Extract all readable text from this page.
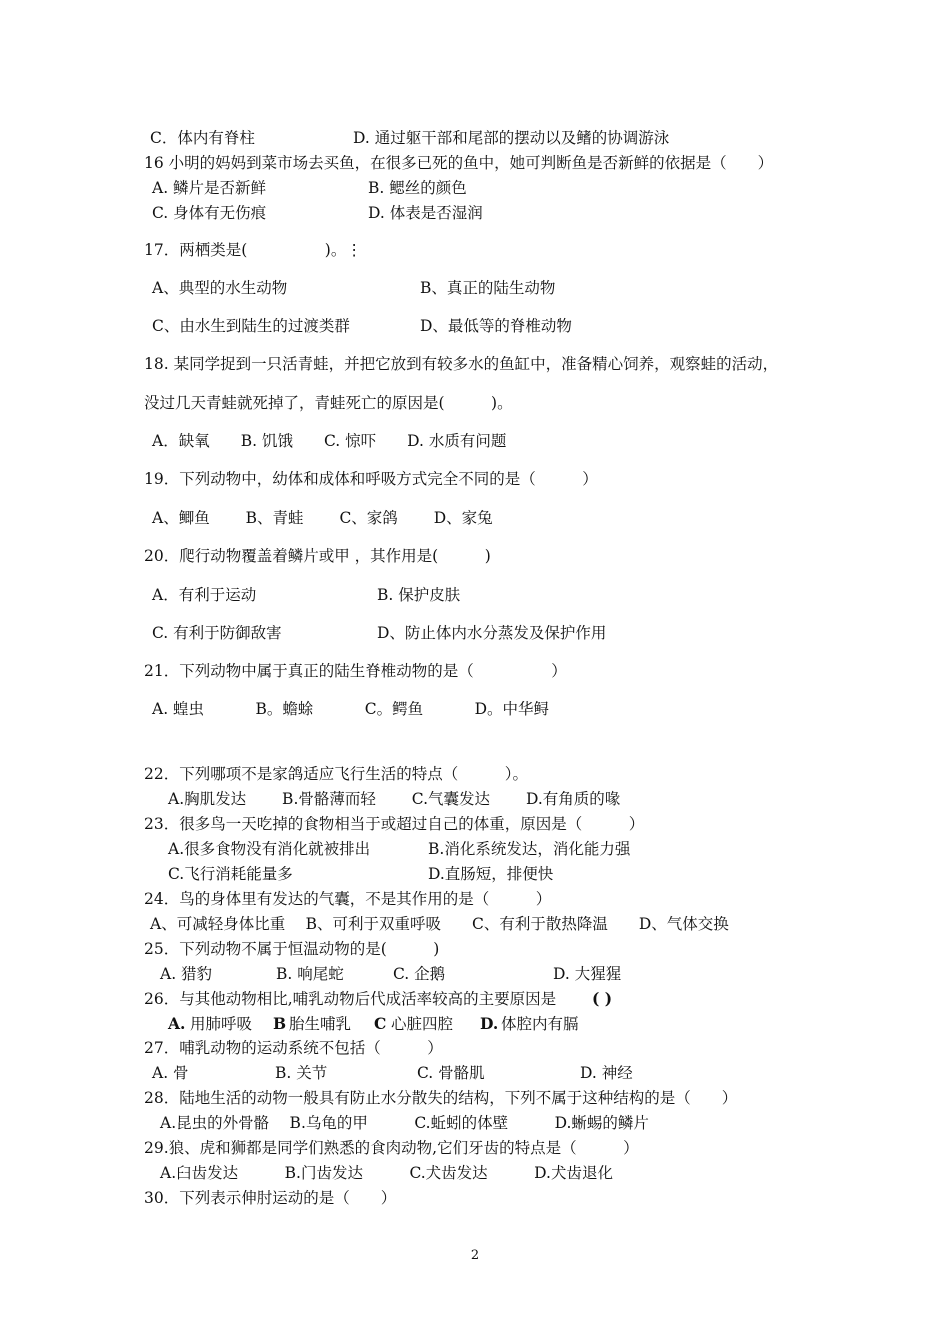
C．体内有脊柱	D. 通过躯干部和尾部的摆动以及鳍的协调游泳
16 小明的妈妈到菜市场去买鱼，在很多已死的鱼中，她可判断鱼是否新鲜的依据是（　　）
A. 鳞片是否新鲜	B. 鳃丝的颜色
C. 身体有无伤痕	D. 体表是否湿润
17．两栖类是(　　　　　)。⋮
A、典型的水生动物	B、真正的陆生动物
C、由水生到陆生的过渡类群	D、最低等的脊椎动物
18. 某同学捉到一只活青蛙，并把它放到有较多水的鱼缸中，准备精心饲养，观察蛙的活动，
没过几天青蛙就死掉了，青蛙死亡的原因是(　　　)。
A．缺氧　　B. 饥饿　　C. 惊吓　　D. 水质有问题
19．下列动物中，幼体和成体和呼吸方式完全不同的是（　　　）
A、鲫鱼　　 B、青蛙　　 C、家鸽　　 D、家兔
20．爬行动物覆盖着鳞片或甲 ，其作用是(　　　)
A．有利于运动	B. 保护皮肤
C. 有利于防御敌害	D、防止体内水分蒸发及保护作用
21．下列动物中属于真正的陆生脊椎动物的是（　　　　　）
A. 蝗虫　　　 B。蟾蜍　　　 C。鳄鱼　　　 D。中华鲟
22．下列哪项不是家鸽适应飞行生活的特点（　　　）。
A.胸肌发达　　 B.骨骼薄而轻　　 C.气囊发达　　 D.有角质的喙
23．很多鸟一天吃掉的食物相当于或超过自己的体重，原因是（　　　）
A.很多食物没有消化就被排出	B.消化系统发达，消化能力强
C.飞行消耗能量多	D.直肠短，排便快
24．鸟的身体里有发达的气囊，不是其作用的是（　　　）
A、可减轻身体比重　 B、可利于双重呼吸　　C、有利于散热降温　　D、气体交换
25．下列动物不属于恒温动物的是(　　　)
A. 猎豹	B. 响尾蛇	C. 企鹅	D. 大猩猩
26．与其他动物相比,哺乳动物后代成活率较高的主要原因是 ( )
A. 用肺呼吸 B 胎生哺乳 C 心脏四腔 D. 体腔内有膈
27．哺乳动物的运动系统不包括（　　　）
A. 骨	B. 关节	C. 骨骼肌	D. 神经
28．陆地生活的动物一般具有防止水分散失的结构，下列不属于这种结构的是（　　）
A.昆虫的外骨骼　 B.乌龟的甲　　　C.蚯蚓的体壁　　　D.蜥蜴的鳞片
29.狼、虎和狮都是同学们熟悉的食肉动物,它们牙齿的特点是（　　　）
A.臼齿发达　　　B.门齿发达　　　C.犬齿发达　　　D.犬齿退化
30．下列表示伸肘运动的是（　　）
2
